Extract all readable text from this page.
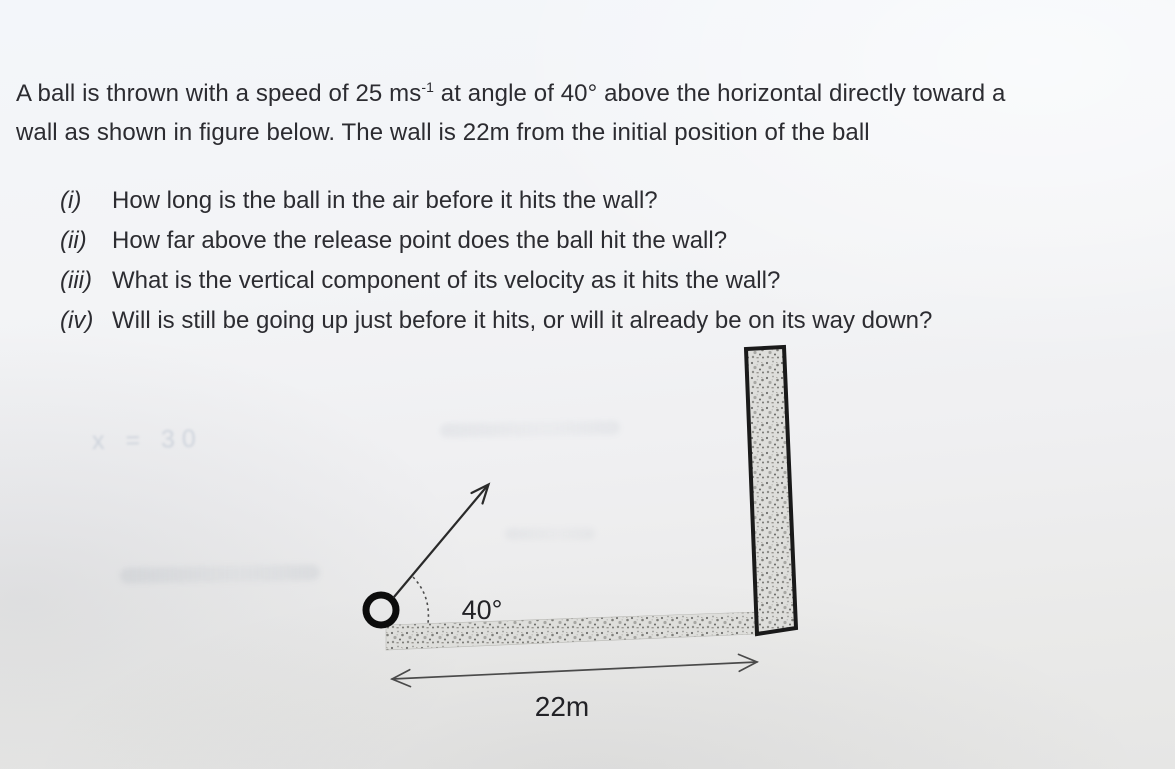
A ball is thrown with a speed of 25 $ms^{-1}$ at angle of 40° above the horizontal directly toward a
wall as shown in figure below. The wall is 22m from the initial position of the ball

(i)	How long is the ball in the air before it hits the wall?
(ii)	How far above the release point does the ball hit the wall?
(iii) What is the vertical component of its velocity as it hits the wall?
(iv) Will is still be going up just before it hits, or will it already be on its way down?
x = 30
40°
22m
